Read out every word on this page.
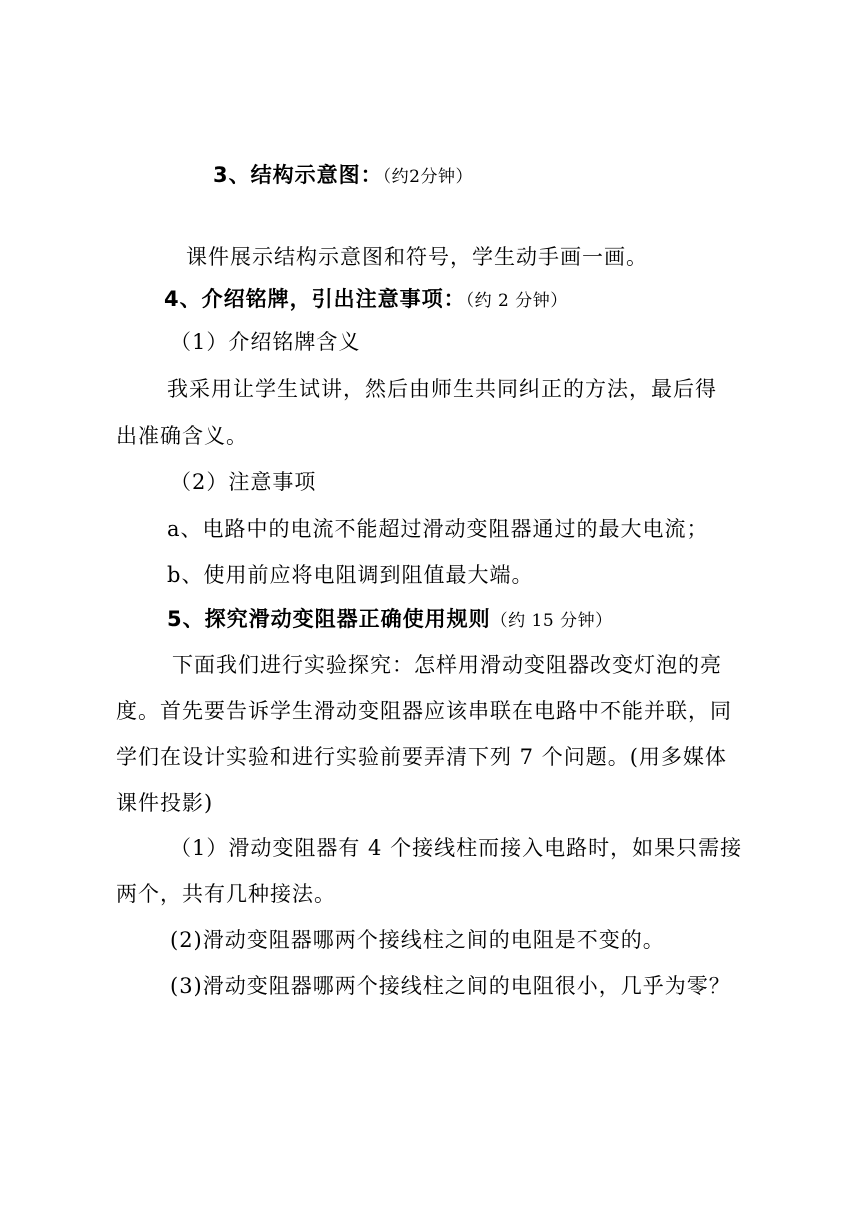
3、结构示意图：（约2分钟）
课件展示结构示意图和符号，学生动手画一画。
4、介绍铭牌，引出注意事项：（约 2 分钟）
（1）介绍铭牌含义
我采用让学生试讲，然后由师生共同纠正的方法，最后得
出准确含义。
（2）注意事项
a、电路中的电流不能超过滑动变阻器通过的最大电流；
b、使用前应将电阻调到阻值最大端。
5、探究滑动变阻器正确使用规则（约 15 分钟）
下面我们进行实验探究：怎样用滑动变阻器改变灯泡的亮
度。首先要告诉学生滑动变阻器应该串联在电路中不能并联，同
学们在设计实验和进行实验前要弄清下列 7 个问题。(用多媒体
课件投影)
（1）滑动变阻器有 4 个接线柱而接入电路时，如果只需接
两个，共有几种接法。
(2)滑动变阻器哪两个接线柱之间的电阻是不变的。
(3)滑动变阻器哪两个接线柱之间的电阻很小，几乎为零？
